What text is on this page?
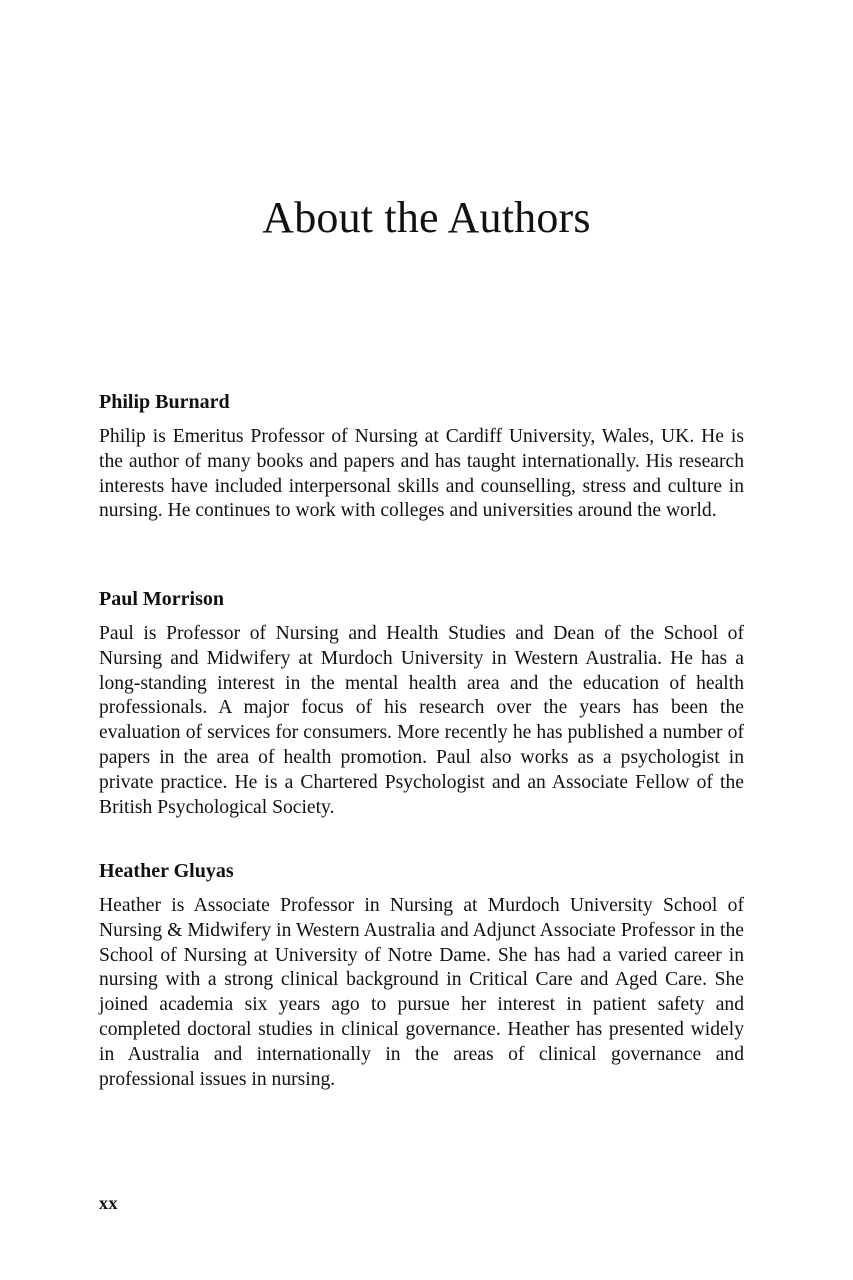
About the Authors
Philip Burnard

Philip is Emeritus Professor of Nursing at Cardiff University, Wales, UK. He is the author of many books and papers and has taught internationally. His research interests have included interpersonal skills and counselling, stress and culture in nursing. He continues to work with colleges and universities around the world.

Paul Morrison

Paul is Professor of Nursing and Health Studies and Dean of the School of Nursing and Midwifery at Murdoch University in Western Australia. He has a long-standing interest in the mental health area and the education of health professionals. A major focus of his research over the years has been the evaluation of services for consumers. More recently he has published a number of papers in the area of health promotion. Paul also works as a psychologist in private practice. He is a Chartered Psychologist and an Associate Fellow of the British Psychological Society.

Heather Gluyas

Heather is Associate Professor in Nursing at Murdoch University School of Nursing & Midwifery in Western Australia and Adjunct Associate Professor in the School of Nursing at University of Notre Dame. She has had a varied career in nursing with a strong clinical background in Critical Care and Aged Care. She joined academia six years ago to pursue her interest in patient safety and completed doctoral studies in clinical governance. Heather has presented widely in Australia and internationally in the areas of clinical governance and professional issues in nursing.

xx
